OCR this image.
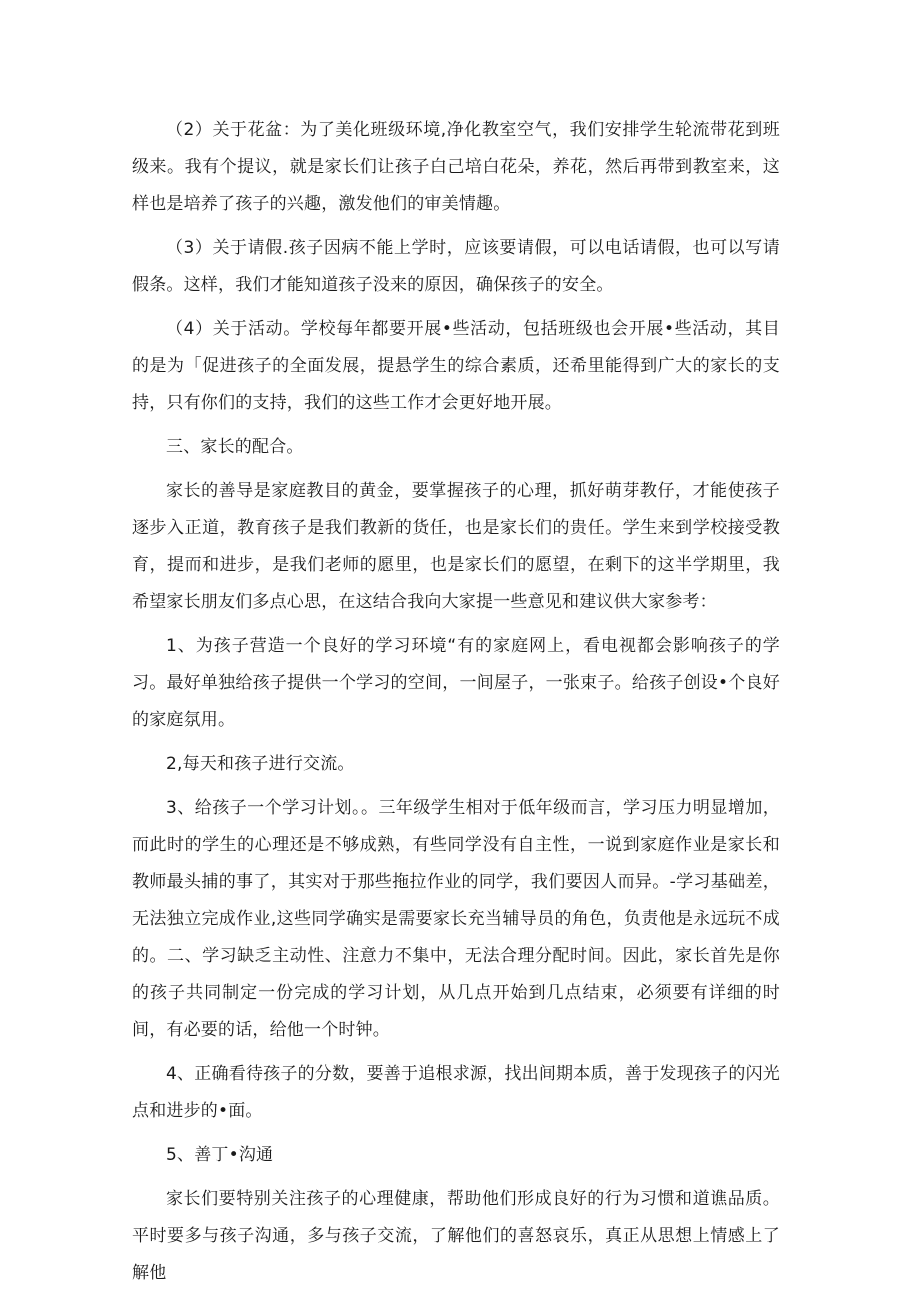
（2）关于花盆：为了美化班级环境,净化教室空气，我们安排学生轮流带花到班级来。我有个提议，就是家长们让孩子白己培白花朵，养花，然后再带到教室来，这样也是培养了孩子的兴趣，激发他们的审美情趣。

（3）关于请假.孩子因病不能上学时，应该要请假，可以电话请假，也可以写请假条。这样，我们才能知道孩子没来的原因，确保孩子的安全。

（4）关于活动。学校每年都要开展•些活动，包括班级也会开展•些活动，其目的是为「促进孩子的全面发展，提悬学生的综合素质，还希里能得到广大的家长的支持，只有你们的支持，我们的这些工作才会更好地开展。

三、家长的配合。

家长的善导是家庭教目的黄金，要掌握孩子的心理，抓好萌芽教仔，才能使孩子逐步入正道，教育孩子是我们教新的货任，也是家长们的贵任。学生来到学校接受教育，提而和进步，是我们老师的愿里，也是家长们的愿望，在剩下的这半学期里，我希望家长朋友们多点心思，在这结合我向大家提一些意见和建议供大家参考：

1、为孩子营造一个良好的学习环境“有的家庭网上，看电视都会影响孩子的学习。最好单独给孩子提供一个学习的空间，一间屋子，一张束子。给孩子创设•个良好的家庭氛用。

2,每天和孩子进行交流。

3、给孩子一个学习计划。。三年级学生相对于低年级而言，学习压力明显增加，而此时的学生的心理还是不够成熟，有些同学没有自主性，一说到家庭作业是家长和教师最头捕的事了，其实对于那些拖拉作业的同学，我们要因人而异。-学习基础差，无法独立完成作业,这些同学确实是需要家长充当辅导员的角色，负责他是永远玩不成的。二、学习缺乏主动性、注意力不集中，无法合理分配时间。因此，家长首先是你的孩子共同制定一份完成的学习计划，从几点开始到几点结束，必须要有详细的时间，有必要的话，给他一个时钟。

4、正确看待孩子的分数，要善于追根求源，找出间期本质，善于发现孩子的闪光点和进步的•面。

5、善丁•沟通

家长们要特别关注孩子的心理健康，帮助他们形成良好的行为习惯和道谯品质。平时要多与孩子沟通，多与孩子交流，了解他们的喜怒哀乐，真正从思想上情感上了解他
